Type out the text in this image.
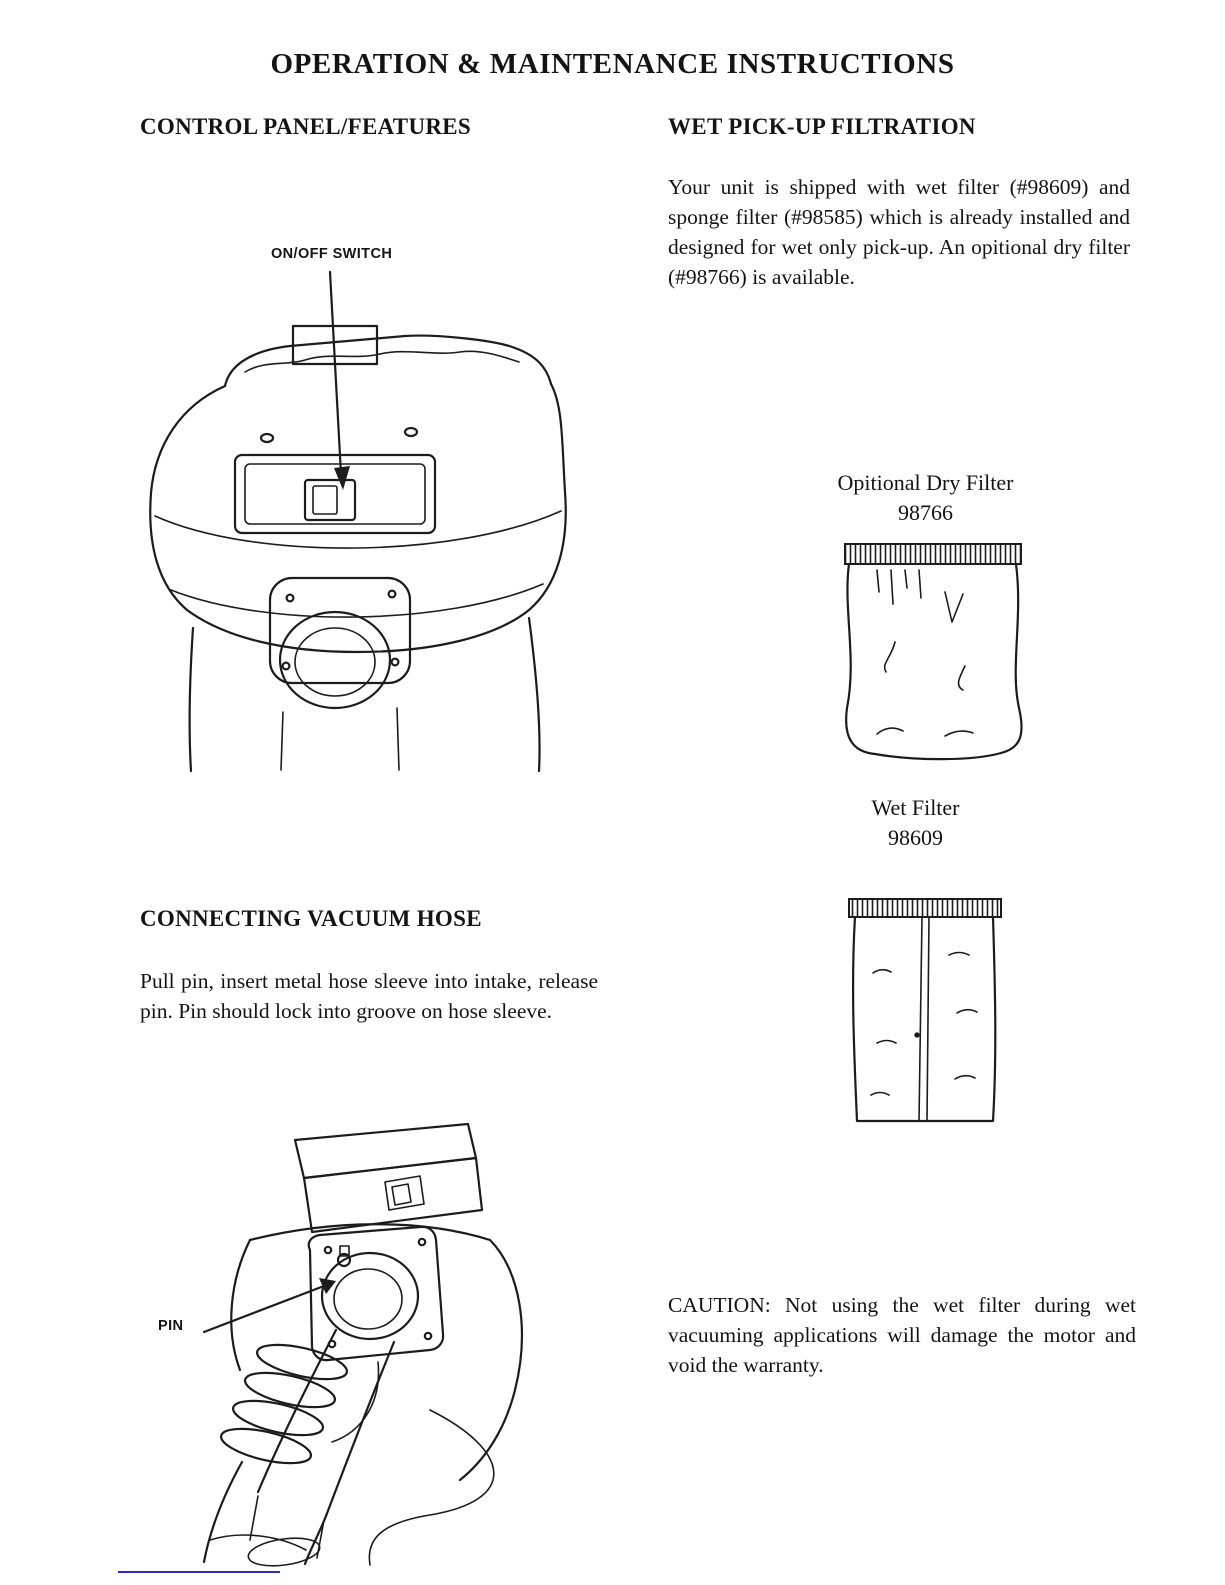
OPERATION & MAINTENANCE INSTRUCTIONS
CONTROL PANEL/FEATURES
ON/OFF SWITCH
WET PICK-UP FILTRATION
Your unit is shipped with wet filter (#98609) and sponge filter (#98585) which is already installed and designed for wet only pick-up. An opitional dry filter (#98766) is available.
Opitional Dry Filter
98766
Wet Filter
98609
CONNECTING VACUUM HOSE
Pull pin, insert metal hose sleeve into intake, release pin. Pin should lock into groove on hose sleeve.
PIN
CAUTION: Not using the wet filter during wet vacuuming applications will damage the motor and void the warranty.
